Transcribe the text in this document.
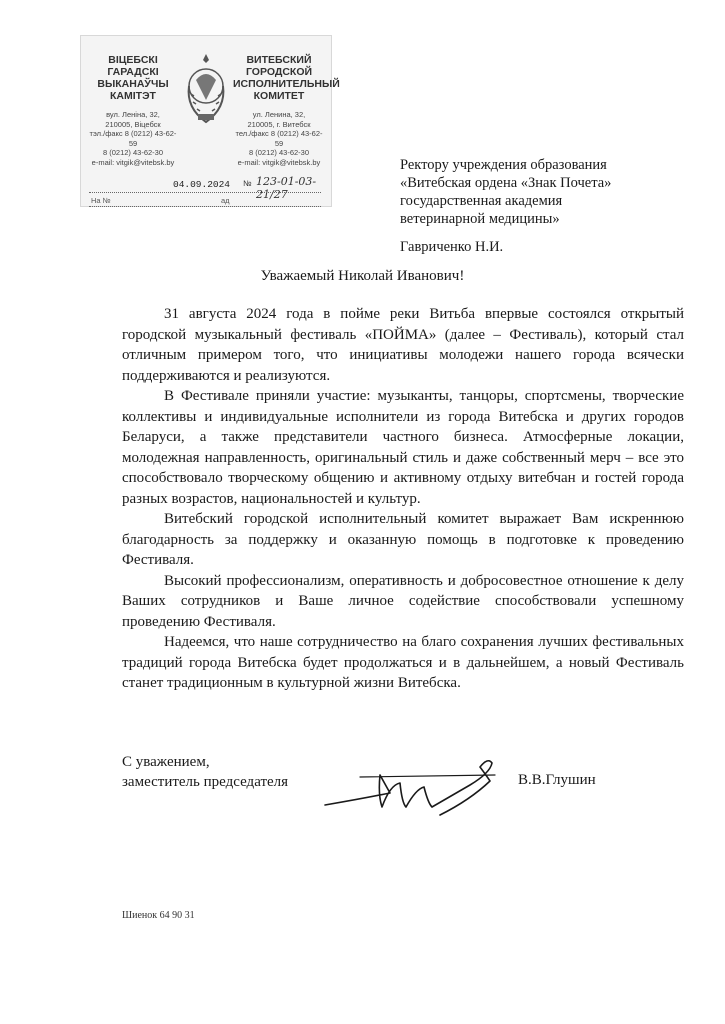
ВІЦЕБСКІ
ГАРАДСКІ
ВЫКАНАЎЧЫ
КАМІТЭТ
вул. Леніна, 32,
210005, Віцебск
тэл./факс 8 (0212) 43-62-59
8 (0212) 43-62-30
e-mail: vitgik@vitebsk.by
ВИТЕБСКИЙ
ГОРОДСКОЙ
ИСПОЛНИТЕЛЬНЫЙ
КОМИТЕТ
ул. Ленина, 32,
210005, г. Витебск
тел./факс 8 (0212) 43-62-59
8 (0212) 43-62-30
e-mail: vitgik@vitebsk.by
04.09.2024 № 123-01-03-21/27
На №	ад
Ректору учреждения образования
«Витебская ордена «Знак Почета»
государственная академия
ветеринарной медицины»
Гавриченко Н.И.
Уважаемый Николай Иванович!

31 августа 2024 года в пойме реки Витьба впервые состоялся открытый городской музыкальный фестиваль «ПОЙМА» (далее – Фестиваль), который стал отличным примером того, что инициативы молодежи нашего города всячески поддерживаются и реализуются.

В Фестивале приняли участие: музыканты, танцоры, спортсмены, творческие коллективы и индивидуальные исполнители из города Витебска и других городов Беларуси, а также представители частного бизнеса. Атмосферные локации, молодежная направленность, оригинальный стиль и даже собственный мерч – все это способствовало творческому общению и активному отдыху витебчан и гостей города разных возрастов, национальностей и культур.

Витебский городской исполнительный комитет выражает Вам искреннюю благодарность за поддержку и оказанную помощь в подготовке к проведению Фестиваля.

Высокий профессионализм, оперативность и добросовестное отношение к делу Ваших сотрудников и Ваше личное содействие способствовали успешному проведению Фестиваля.

Надеемся, что наше сотрудничество на благо сохранения лучших фестивальных традиций города Витебска будет продолжаться и в дальнейшем, а новый Фестиваль станет традиционным в культурной жизни Витебска.

С уважением,
заместитель председателя	В.В.Глушин
Шиенок 64 90 31
